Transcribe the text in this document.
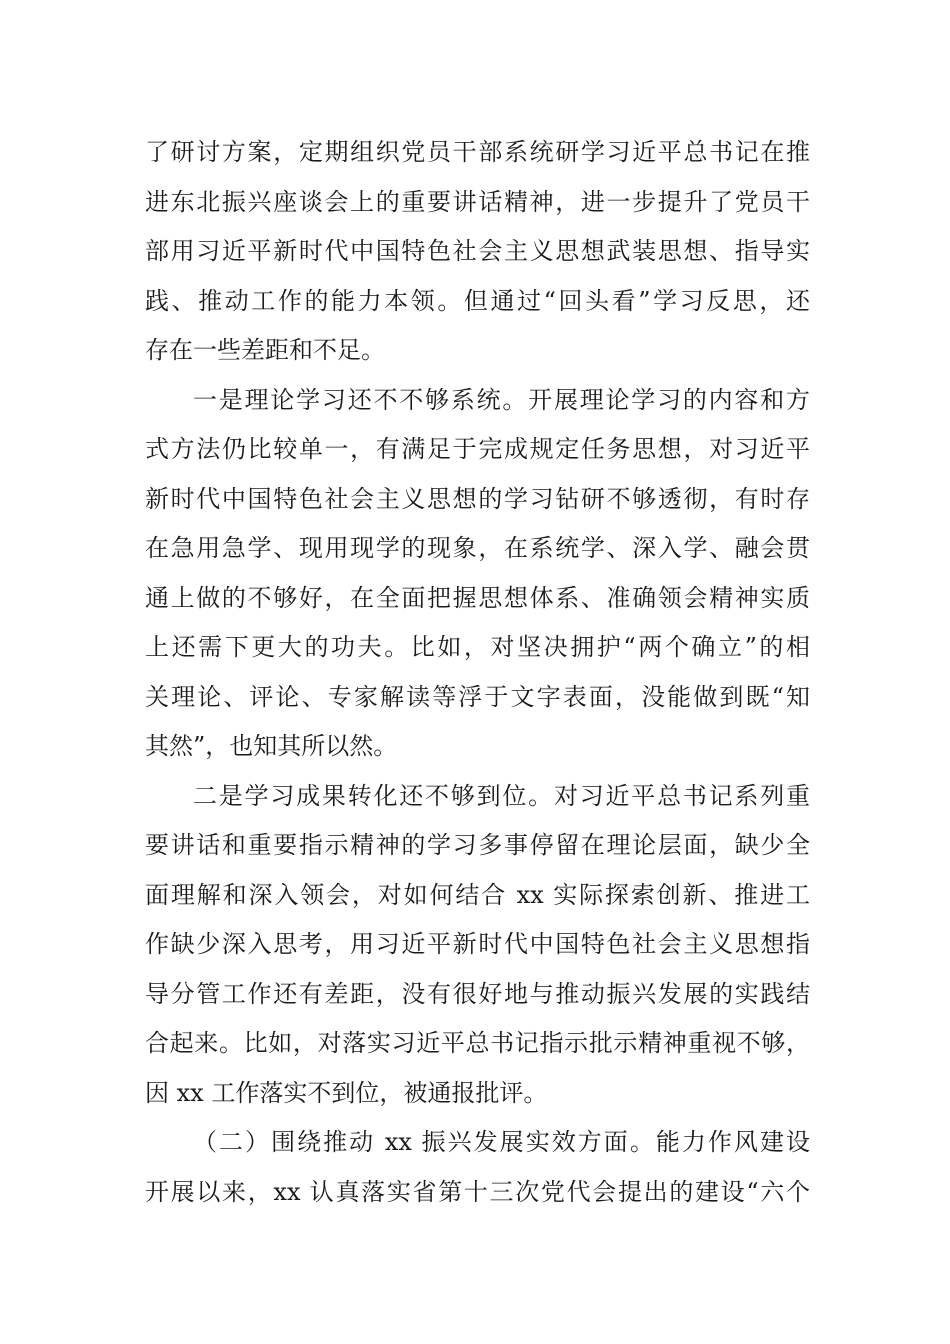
了研讨方案，定期组织党员干部系统研学习近平总书记在推
进东北振兴座谈会上的重要讲话精神，进一步提升了党员干
部用习近平新时代中国特色社会主义思想武装思想、指导实
践、推动工作的能力本领。但通过“回头看”学习反思，还
存在一些差距和不足。
一是理论学习还不不够系统。开展理论学习的内容和方
式方法仍比较单一，有满足于完成规定任务思想，对习近平
新时代中国特色社会主义思想的学习钻研不够透彻，有时存
在急用急学、现用现学的现象，在系统学、深入学、融会贯
通上做的不够好，在全面把握思想体系、准确领会精神实质
上还需下更大的功夫。比如，对坚决拥护“两个确立”的相
关理论、评论、专家解读等浮于文字表面，没能做到既“知
其然”，也知其所以然。
二是学习成果转化还不够到位。对习近平总书记系列重
要讲话和重要指示精神的学习多事停留在理论层面，缺少全
面理解和深入领会，对如何结合 xx 实际探索创新、推进工
作缺少深入思考，用习近平新时代中国特色社会主义思想指
导分管工作还有差距，没有很好地与推动振兴发展的实践结
合起来。比如，对落实习近平总书记指示批示精神重视不够，
因 xx 工作落实不到位，被通报批评。
（二）围绕推动 xx 振兴发展实效方面。能力作风建设
开展以来，xx 认真落实省第十三次党代会提出的建设“六个
